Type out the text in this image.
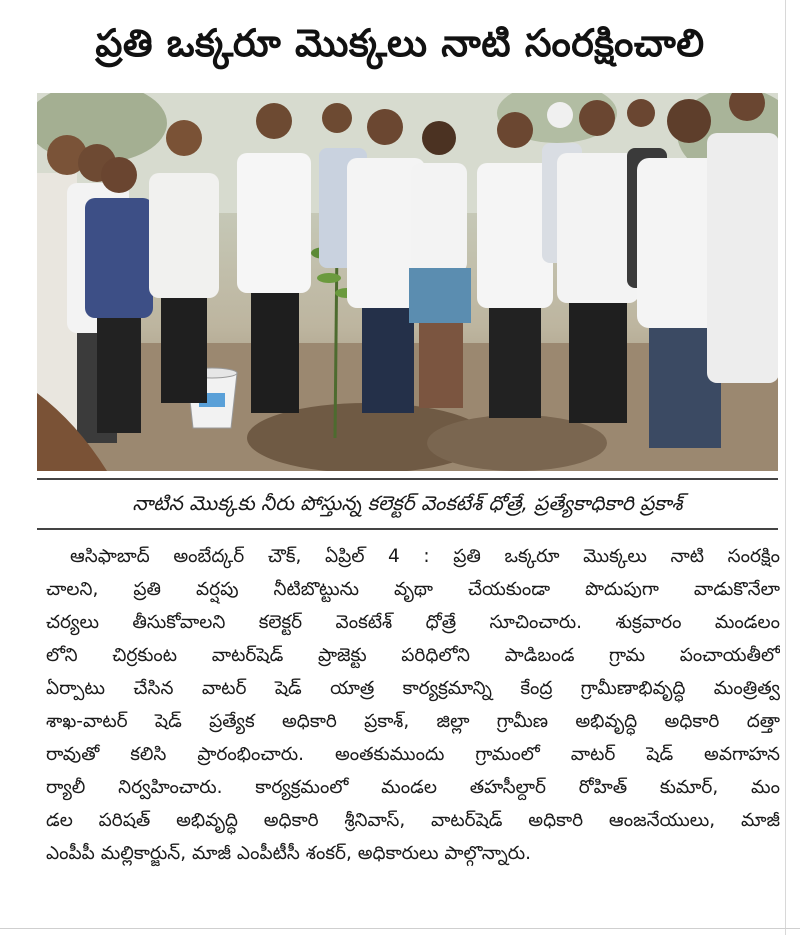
ప్రతి ఒక్కరూ మొక్కలు నాటి సంరక్షించాలి
నాటిన మొక్కకు నీరు పోస్తున్న కలెక్టర్ వెంకటేశ్ ధోత్రే, ప్రత్యేకాధికారి ప్రకాశ్
ఆసిఫాబాద్ అంబేద్కర్ చౌక్, ఏప్రిల్ 4 : ప్రతి ఒక్కరూ మొక్కలు నాటి సంరక్షిం
చాలని, ప్రతి వర్షపు నీటిబొట్టును వృథా చేయకుండా పొదుపుగా వాడుకొనేలా
చర్యలు తీసుకోవాలని కలెక్టర్ వెంకటేశ్ ధోత్రే సూచించారు. శుక్రవారం మండలం
లోని చిర్రకుంట వాటర్‌షెడ్ ప్రాజెక్టు పరిధిలోని పాడిబండ గ్రామ పంచాయతీలో
ఏర్పాటు చేసిన వాటర్ షెడ్ యాత్ర కార్యక్రమాన్ని కేంద్ర గ్రామీణాభివృద్ధి మంత్రిత్వ
శాఖ-వాటర్ షెడ్ ప్రత్యేక అధికారి ప్రకాశ్, జిల్లా గ్రామీణ అభివృద్ధి అధికారి దత్తా
రావుతో కలిసి ప్రారంభించారు. అంతకుముందు గ్రామంలో వాటర్ షెడ్ అవగాహన
ర్యాలీ నిర్వహించారు. కార్యక్రమంలో మండల తహసీల్దార్ రోహిత్ కుమార్, మం
డల పరిషత్ అభివృద్ధి అధికారి శ్రీనివాస్, వాటర్‌షెడ్ అధికారి ఆంజనేయులు, మాజీ
ఎంపీపీ మల్లికార్జున్, మాజీ ఎంపీటీసీ శంకర్, అధికారులు పాల్గొన్నారు.
